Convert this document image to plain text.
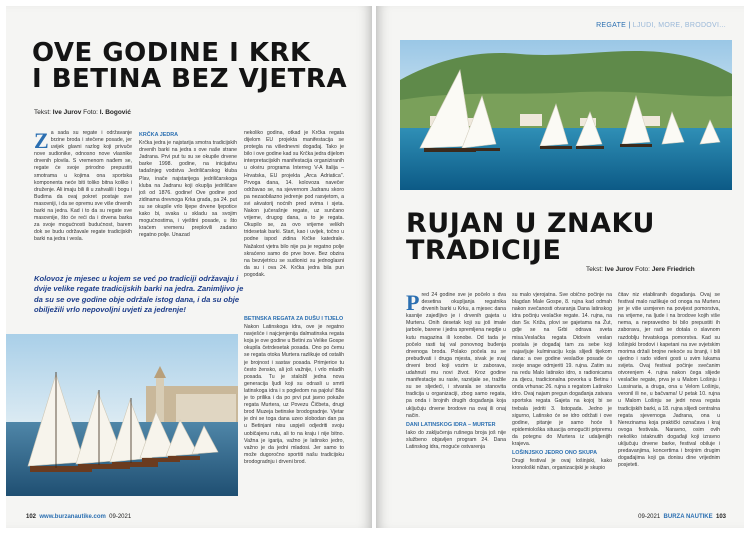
OVE GODINE I KRK
I BETINA BEZ VJETRA
Tekst: Ive Jurov Foto: I. Bogović
Z a sada su regate i održavanje brzine broda i stečene posade, jer uvijek glavni razlog koji privuče nove sudionike, odnosno nove vlasnike drvenih plovila. S vremenom nađem se, regate će svoje prirodno prepustiti smotrama u kojima ona sportska komponenta neće biti toliko bitna koliko i druženje. Ali imaju bili ili u zahvalili i bogu i Budima da ovaj pokret postaje sve masovniji, i da se opremu sve više drvenih barki na jedra. Kad i to da su regate sve masovnije, što će reći da i drvena barka za svoje mogućnosti budućnost, barem dok se budu održavale regate tradicijskih barki na jedra i vesla.
KRČKA JEDRA
Krčka jedra je najstarija smotra tradicijskih drvenih barki na jedra s ove naše strane Jadrana. Prvi put tu su se okupile drvene barke 1998. godine, na inicijativu tadašnjeg vodstva Jedriličarskog kluba Plav, inače najstarijega jedriličarskoga kluba na Jadranu koji okuplja jedriličare još od 1876. godine! Ove godine pod zidinama drevnoga Krka grada, pa 24. put su se okupile vrlo lijepe drvene ljepotice kako bi, svaka u skladu sa svojim mogućnostima, i vještini posade, u što kraćem vremenu preplovili zadano regatno polje. Unazad
nekoliko godina, otkad je Krčka regata dijelom EU projekta manifestacija se protegla na višednevni događaj. Tako je bilo i ove godine kad su Krčka jedra dijelom interpretacijskih manifestacija organiziranih u okviru programa Interreg V-A Italija – Hrvatska, EU projekta „Arca Adriatica". Prvoga dana, 14. kolovoza navečer održavao se, na sjevernom Jadranu skoro pa nezaobilazno jedrenje pod rasvjetom, a svi akvatorij noćnih pred svima i sjeta. Nakon jučerašnje regate, uz sunčano vrijeme, drugog dana, a to je regata. Okupilo se, za ovo vrijeme velikih tridesetak barki. Start, kao i uvijek, točno u podne ispod zidina Krčke katedrale. Nažalost vjetra bilo nije pa je regatno polje skraćeno samo do prve bove. Bez obzira na bezvjetricu se sudionici su jednoglasni da su i ova 24. Krčka jedra bila pun pogodak.
Kolovoz je mjesec u kojem se već po tradiciji održavaju i dvije velike regate tradicijskih barki na jedra. Zanimljivo je da su se ove godine obje održale istog dana, i da su obje obilježili vrlo nepovoljni uvjeti za jedrenje!
BETINSKA REGATA ZA DUŠU I TIJELO
Nakon Latinskoga idra, ove je regatno navješće i najcjenjenija dalmatinska regata koja je ove godine u Betini za Velike Gospe okupila četrdesetak posada. Ono po čemu se regata otoka Murtera razlikuje od ostalih je brojnost i sastav posada. Primjerice tu često žensko, ali još važnije, i vrlo mladih posada. Tu je staložil jedna nova generacija ljudi koji su odrasli u smrti latinskoga idra i s pogledom na pajolu! Bila je to prilika i da po prvi put javno pokaže regata Murtera, uz Povezu Čičbeta, drugi brod Muzeja betinske brodogradnje. Vjetar je dni se toga dana uzeo slobodan dan pa u Betinjani nisu uspjeli odjedriti svoju uobičajenu rutu, ali to na kraju i nije bitno. Važna je igarija, važno je latinsko jedro, važno je da jedni mladosi. Jer samo to može dugoročno sportiti našu tradicijsku brodogradnju i drveni brod.
102 www.burzanautike.com 09-2021
REGATE | LJUDI, MORE, BRODOVI...
RUJAN U ZNAKU
TRADICIJE
Tekst: Ive Jurov Foto: Jere Friedrich
P red 24 godine sve je počelo s dva desetina okupljanja regatnika drvenih barki u Krku, a mjesec dana kasnije zajedljivo je i drvenih gajeta u Murteru. Onih desetak koji su još imale jarbole, barene i jedra spremljena negdje u kutu magazina ili konobe. Od tada je počelo rasti taj val ponovnog buđenja drvenoga broda. Polako počela su se prebuđivati i druga mjesta, sivak je svaj drveni brod koji vozim iz zaborava, udahnuti mu novi život. Kroz godine manifestacije su rasle, razvijale se, tražile su se sljedeći, i stvarala se stanovita tradicija u organizaciji, zbog samo regata, pa onda i brojnih drugih događanja koja uključuju drvene brodove na ovaj ili onaj način.
DANI LATINSKOG IDRA – MURTER
Iako do zaključenja rušnega broja još nije službeno objavljen program 24. Dana Latinskog idra, moguće ostvarenja
su malo vjerojatna. Sve obično počinje na blagdan Male Gospe, 8. rujna kad odmah nakon svečanosti otvaranja Dana latinskog idra počinju veslačke regate. 14. rujna, na dan Sv. Križa, plovi se gajetama na Žut, gdje se na Grbi odrava sveta misa.Veslačka regata Didovin veslan postala je događaj tam za sebe koji najavljuje kulminaciju koja slijedi tijekom dana: a ove godine veslačke posade će svoje snage odmjeriti 19. rujna. Zatim su na redu Malo latinsko idro, s radionicama za djecu, tradicionalna povorka u Betinu i onda vrhunac 26. rujna s regatom Latinsko idro. Ovaj najam pregun događanja zatvara sportska regata Gajeta na kojoj bi se trebala jedriti 3. listopada. Jedno je sigurno, Latinsko će se idro održati i ove godine, pitanje je samo hoće li epidemiološka situacija omogućiti pripremu da potegnu do Murtera iz udaljenijih krajeva.
LOŠINJSKO JEDRO ONO SKUPA
Drugi festival je ovaj lošinjski, kako kronološki nižan, organizacijski je skupio
čitav niz etabliranih događanja. Ovaj se festival malo razlikuje od onoga na Murteru jer je više usmjeren na povijest pomorstva, na vrijeme, na ljude i na brodove kojih više nema, a nepravedno bi bilo prepustiti ih zaboravu, jer radi se dotala o slavnom razdoblju hrvatskoga pomorstva. Kad su lošinjski brodovi i kapetani na sve svjetskim morima držali brojne nekoće su branji, i bili ujedno i rado viđeni gosti u svim lukama svijeta. Ovaj festival počinje svečanim otvorenjem 4. rujna nakon čega slijede veslačke regate, prva je u Malom Lošinju i Lussinaria, a druga, ona u Velom Lošinju, veronil ili ne, u bačvama! U petak 10. rujna u Malom Lošinju se jedri nova regata tradicijskih barki, a 18. rujna slijedi centralna regata sjevernoga Jadrana, ona u Nerezinama koja praktički označava i kraj ovoga festivala. Naravno, osim ovih nekoliko istaknutih događaji koji izravno uključuju drvene barke, festival obiluje i predavanjima, koncertima i brojnim drugim događajima koji ga donisu dine vrijednim posjeteti.
09-2021 BURZA NAUTIKE 103
